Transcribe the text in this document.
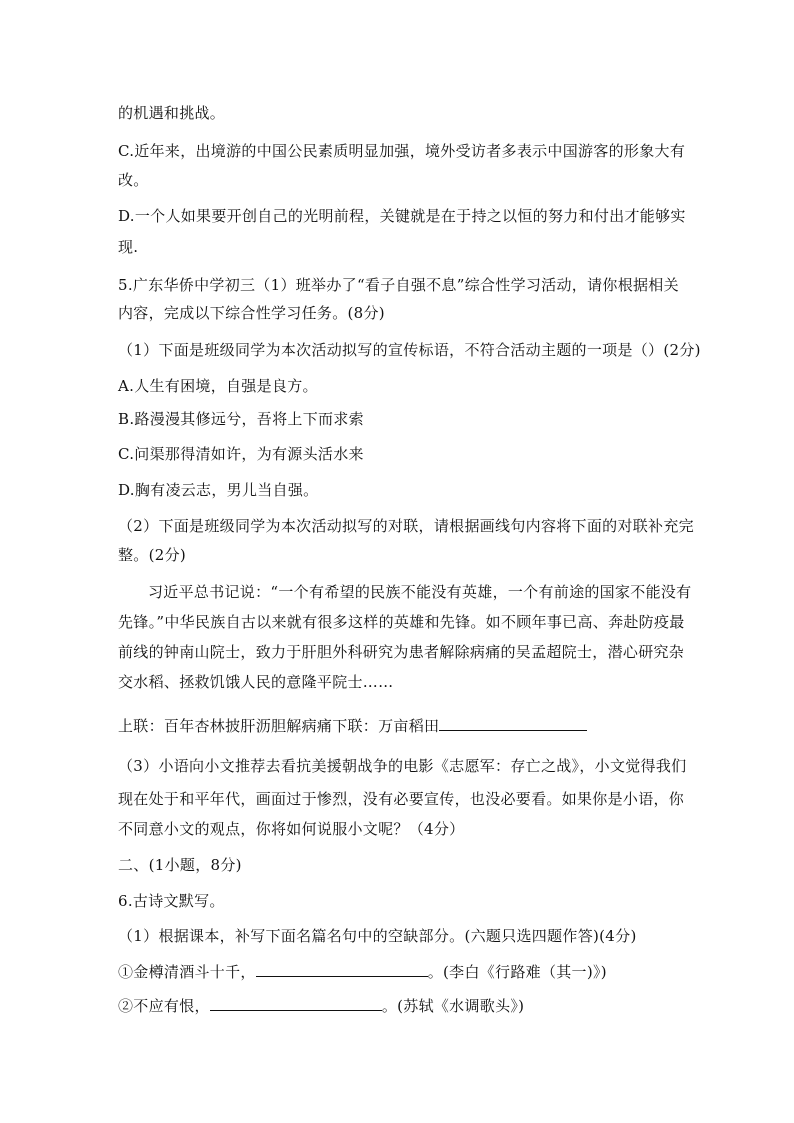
的机遇和挑战。
C.近年来，出境游的中国公民素质明显加强，境外受访者多表示中国游客的形象大有
改。
D.一个人如果要开创自己的光明前程，关键就是在于持之以恒的努力和付出才能够实
现.
5.广东华侨中学初三（1）班举办了“看子自强不息”综合性学习活动，请你根据相关
内容，完成以下综合性学习任务。(8分)
（1）下面是班级同学为本次活动拟写的宣传标语，不符合活动主题的一项是（）(2分)
A.人生有困境，自强是良方。
B.路漫漫其修远兮，吾将上下而求索
C.问渠那得清如许，为有源头活水来
D.胸有凌云志，男儿当自强。
（2）下面是班级同学为本次活动拟写的对联，请根据画线句内容将下面的对联补充完
整。(2分)
习近平总书记说：“一个有希望的民族不能没有英雄，一个有前途的国家不能没有
先锋。”中华民族自古以来就有很多这样的英雄和先锋。如不顾年事已高、奔赴防疫最
前线的钟南山院士，致力于肝胆外科研究为患者解除病痛的吴孟超院士，潜心研究杂
交水稻、拯救饥饿人民的意隆平院士……
上联：百年杏林披肝沥胆解病痛下联：万亩稻田
（3）小语向小文推荐去看抗美援朝战争的电影《志愿军：存亡之战》，小文觉得我们
现在处于和平年代，画面过于惨烈，没有必要宣传，也没必要看。如果你是小语，你
不同意小文的观点，你将如何说服小文呢？（4分）
二、(1小题，8分)
6.古诗文默写。
（1）根据课本，补写下面名篇名句中的空缺部分。(六题只选四题作答)(4分)
①金樽清酒斗十千，	。(李白《行路难（其一)》)
②不应有恨，	。(苏轼《水调歌头》)
